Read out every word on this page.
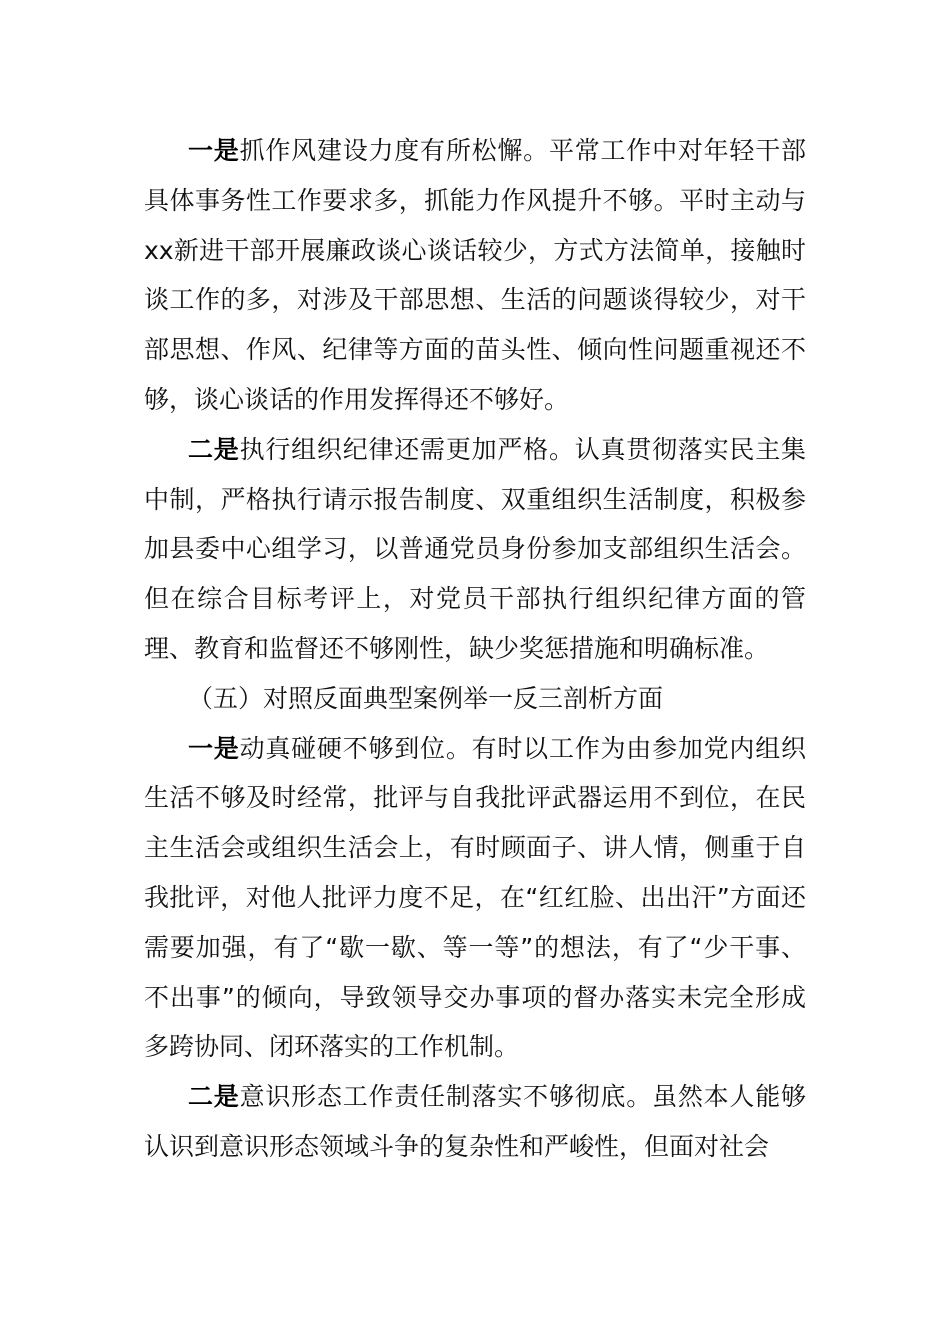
一是抓作风建设力度有所松懈。平常工作中对年轻干部具体事务性工作要求多，抓能力作风提升不够。平时主动与xx新进干部开展廉政谈心谈话较少，方式方法简单，接触时谈工作的多，对涉及干部思想、生活的问题谈得较少，对干部思想、作风、纪律等方面的苗头性、倾向性问题重视还不够，谈心谈话的作用发挥得还不够好。

二是执行组织纪律还需更加严格。认真贯彻落实民主集中制，严格执行请示报告制度、双重组织生活制度，积极参加县委中心组学习，以普通党员身份参加支部组织生活会。但在综合目标考评上，对党员干部执行组织纪律方面的管理、教育和监督还不够刚性，缺少奖惩措施和明确标准。

（五）对照反面典型案例举一反三剖析方面

一是动真碰硬不够到位。有时以工作为由参加党内组织生活不够及时经常，批评与自我批评武器运用不到位，在民主生活会或组织生活会上，有时顾面子、讲人情，侧重于自我批评，对他人批评力度不足，在“红红脸、出出汗”方面还需要加强，有了“歇一歇、等一等”的想法，有了“少干事、不出事”的倾向，导致领导交办事项的督办落实未完全形成多跨协同、闭环落实的工作机制。

二是意识形态工作责任制落实不够彻底。虽然本人能够认识到意识形态领域斗争的复杂性和严峻性，但面对社会
